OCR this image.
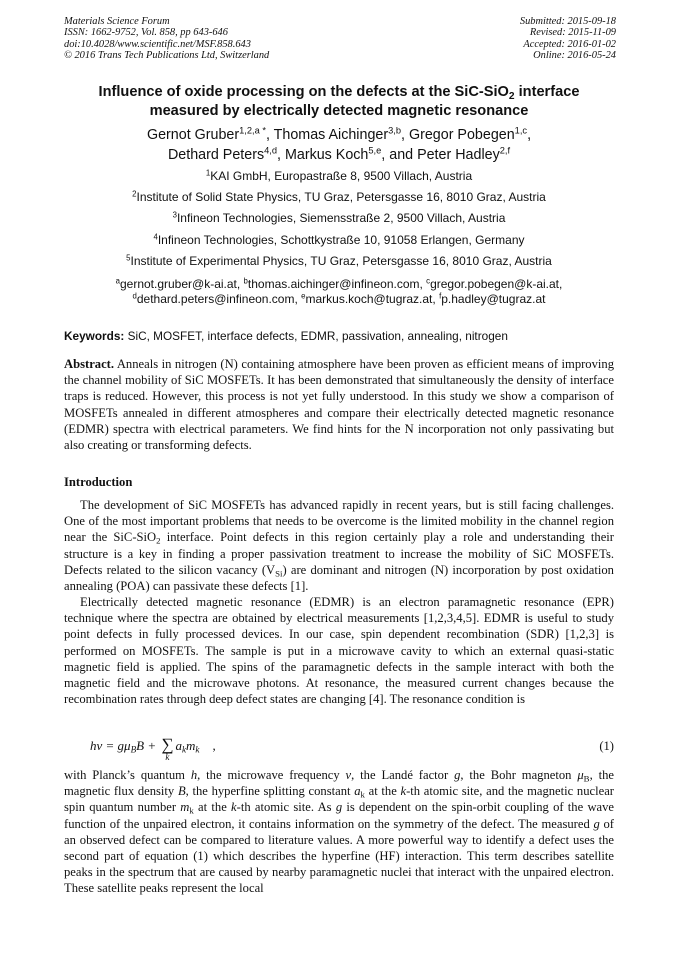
Materials Science Forum
ISSN: 1662-9752, Vol. 858, pp 643-646
doi:10.4028/www.scientific.net/MSF.858.643
© 2016 Trans Tech Publications Ltd, Switzerland
Submitted: 2015-09-18
Revised: 2015-11-09
Accepted: 2016-01-02
Online: 2016-05-24
Influence of oxide processing on the defects at the SiC-SiO$_2$ interface
measured by electrically detected magnetic resonance
Gernot Gruber$^{1,2,a *}$, Thomas Aichinger$^{3,b}$, Gregor Pobegen$^{1,c}$,
Dethard Peters$^{4,d}$, Markus Koch$^{5,e}$, and Peter Hadley$^{2,f}$
$^1$KAI GmbH, Europastraße 8, 9500 Villach, Austria
$^2$Institute of Solid State Physics, TU Graz, Petersgasse 16, 8010 Graz, Austria
$^3$Infineon Technologies, Siemensstraße 2, 9500 Villach, Austria
$^4$Infineon Technologies, Schottkystraße 10, 91058 Erlangen, Germany
$^5$Institute of Experimental Physics, TU Graz, Petersgasse 16, 8010 Graz, Austria
$^a$gernot.gruber@k-ai.at, $^b$thomas.aichinger@infineon.com, $^c$gregor.pobegen@k-ai.at,
$^d$dethard.peters@infineon.com, $^e$markus.koch@tugraz.at, $^f$p.hadley@tugraz.at
Keywords: SiC, MOSFET, interface defects, EDMR, passivation, annealing, nitrogen

Abstract. Anneals in nitrogen (N) containing atmosphere have been proven as efficient means of improving the channel mobility of SiC MOSFETs. It has been demonstrated that simultaneously the density of interface traps is reduced. However, this process is not yet fully understood. In this study we show a comparison of MOSFETs annealed in different atmospheres and compare their electrically detected magnetic resonance (EDMR) spectra with electrical parameters. We find hints for the N incorporation not only passivating but also creating or transforming defects.

Introduction

The development of SiC MOSFETs has advanced rapidly in recent years, but is still facing challenges. One of the most important problems that needs to be overcome is the limited mobility in the channel region near the SiC-SiO$_2$ interface. Point defects in this region certainly play a role and understanding their structure is a key in finding a proper passivation treatment to increase the mobility of SiC MOSFETs. Defects related to the silicon vacancy $(V_{Si})$ are dominant and nitrogen (N) incorporation by post oxidation annealing (POA) can passivate these defects [1].

Electrically detected magnetic resonance (EDMR) is an electron paramagnetic resonance (EPR) technique where the spectra are obtained by electrical measurements [1,2,3,4,5]. EDMR is useful to study point defects in fully processed devices. In our case, spin dependent recombination (SDR) [1,2,3] is performed on MOSFETs. The sample is put in a microwave cavity to which an external quasi-static magnetic field is applied. The spins of the paramagnetic defects in the sample interact with both the magnetic field and the microwave photons. At resonance, the measured current changes because the recombination rates through deep defect states are changing [4]. The resonance condition is

$h\nu = g\mu_BB$ + ∑
k
$a_km_k$ ,	(1)

with Planck’s quantum h, the microwave frequency ν, the Landé factor g, the Bohr magneton $\mu_B$, the magnetic flux density B, the hyperfine splitting constant $a_k$ at the k-th atomic site, and the magnetic nuclear spin quantum number $m_k$ at the k-th atomic site. As g is dependent on the spin-orbit coupling of the wave function of the unpaired electron, it contains information on the symmetry of the defect. The measured g of an observed defect can be compared to literature values. A more powerful way to identify a defect uses the second part of equation (1) which describes the hyperfine (HF) interaction. This term describes satellite peaks in the spectrum that are caused by nearby paramagnetic nuclei that interact with the unpaired electron. These satellite peaks represent the local
